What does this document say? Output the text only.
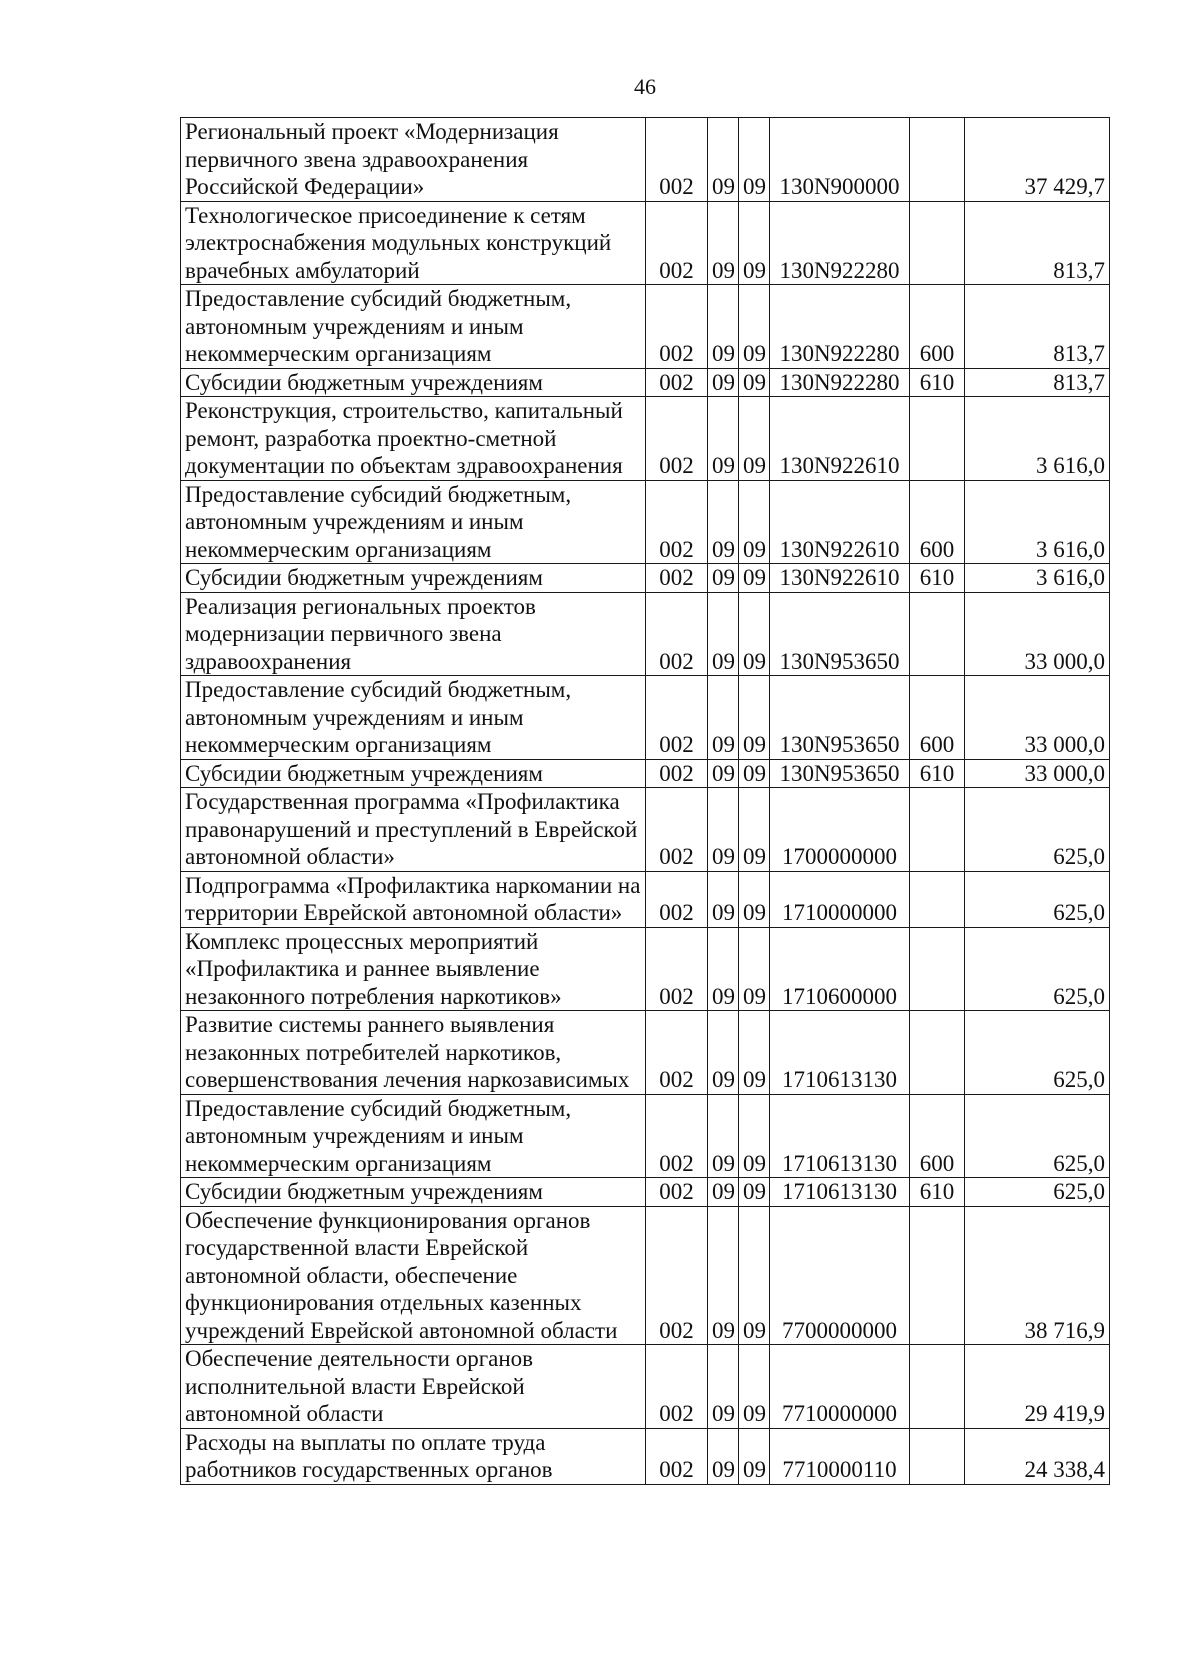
46
Региональный проект «Модернизация первичного звена здравоохранения Российской Федерации»	002	09	09	130N900000		37 429,7
Технологическое присоединение к сетям электроснабжения модульных конструкций врачебных амбулаторий	002	09	09	130N922280		813,7
Предоставление субсидий бюджетным, автономным учреждениям и иным некоммерческим организациям	002	09	09	130N922280	600	813,7
Субсидии бюджетным учреждениям	002	09	09	130N922280	610	813,7
Реконструкция, строительство, капитальный ремонт, разработка проектно-сметной документации по объектам здравоохранения	002	09	09	130N922610		3 616,0
Предоставление субсидий бюджетным, автономным учреждениям и иным некоммерческим организациям	002	09	09	130N922610	600	3 616,0
Субсидии бюджетным учреждениям	002	09	09	130N922610	610	3 616,0
Реализация региональных проектов модернизации первичного звена здравоохранения	002	09	09	130N953650		33 000,0
Предоставление субсидий бюджетным, автономным учреждениям и иным некоммерческим организациям	002	09	09	130N953650	600	33 000,0
Субсидии бюджетным учреждениям	002	09	09	130N953650	610	33 000,0
Государственная программа «Профилактика правонарушений и преступлений в Еврейской автономной области»	002	09	09	1700000000		625,0
Подпрограмма «Профилактика наркомании на территории Еврейской автономной области»	002	09	09	1710000000		625,0
Комплекс процессных мероприятий «Профилактика и раннее выявление незаконного потребления наркотиков»	002	09	09	1710600000		625,0
Развитие системы раннего выявления незаконных потребителей наркотиков, совершенствования лечения наркозависимых	002	09	09	1710613130		625,0
Предоставление субсидий бюджетным, автономным учреждениям и иным некоммерческим организациям	002	09	09	1710613130	600	625,0
Субсидии бюджетным учреждениям	002	09	09	1710613130	610	625,0
Обеспечение функционирования органов государственной власти Еврейской автономной области, обеспечение функционирования отдельных казенных учреждений Еврейской автономной области	002	09	09	7700000000		38 716,9
Обеспечение деятельности органов исполнительной власти Еврейской автономной области	002	09	09	7710000000		29 419,9
Расходы на выплаты по оплате труда работников государственных органов	002	09	09	7710000110		24 338,4
